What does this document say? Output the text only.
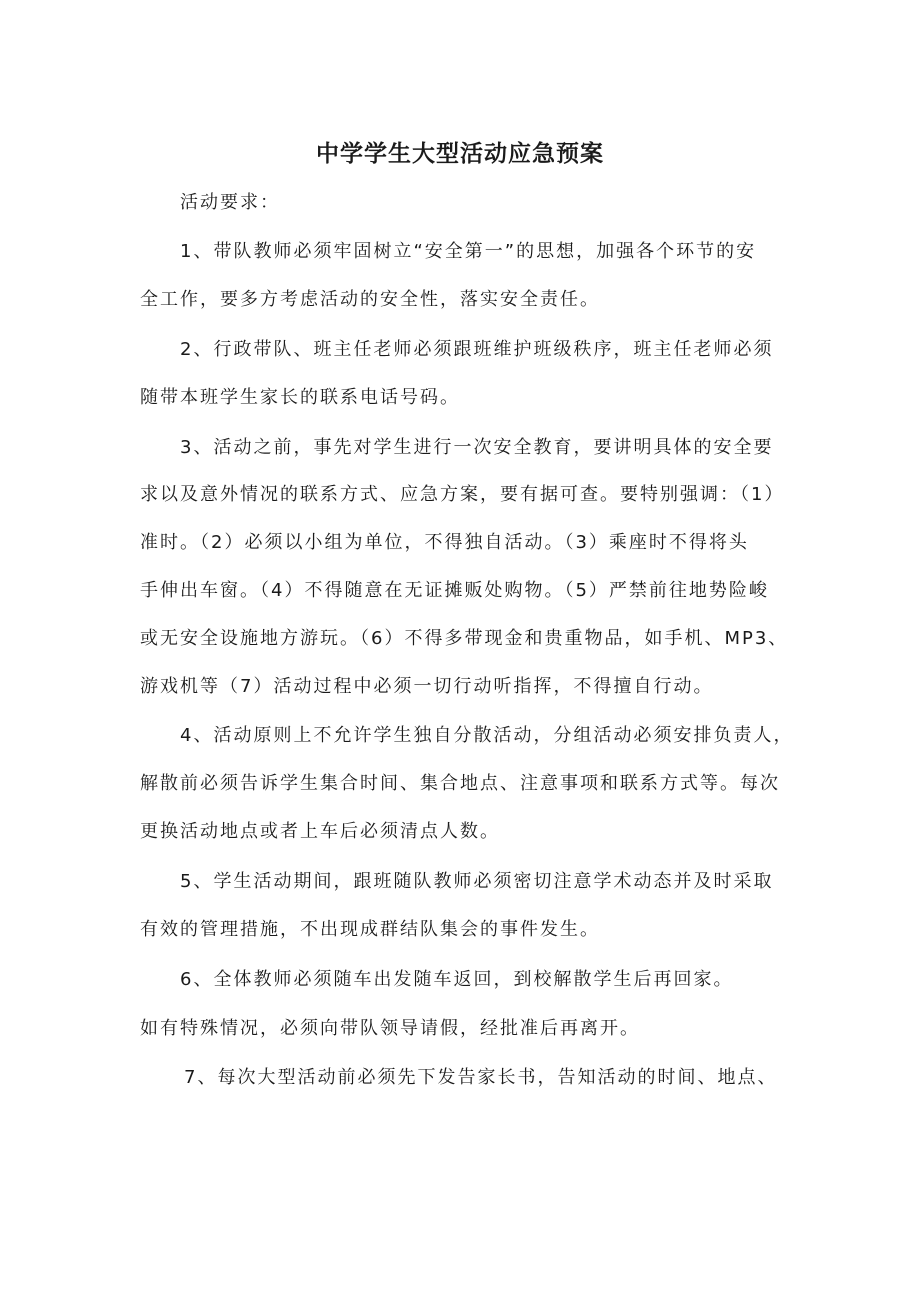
中学学生大型活动应急预案

活动要求：

1、带队教师必须牢固树立“安全第一”的思想，加强各个环节的安

全工作，要多方考虑活动的安全性，落实安全责任。

2、行政带队、班主任老师必须跟班维护班级秩序，班主任老师必须

随带本班学生家长的联系电话号码。

3、活动之前，事先对学生进行一次安全教育，要讲明具体的安全要

求以及意外情况的联系方式、应急方案，要有据可查。要特别强调：（1）

准时。（2）必须以小组为单位，不得独自活动。（3）乘座时不得将头

手伸出车窗。（4）不得随意在无证摊贩处购物。（5）严禁前往地势险峻

或无安全设施地方游玩。（6）不得多带现金和贵重物品，如手机、MP3、

游戏机等（7）活动过程中必须一切行动听指挥，不得擅自行动。

4、活动原则上不允许学生独自分散活动，分组活动必须安排负责人，

解散前必须告诉学生集合时间、集合地点、注意事项和联系方式等。每次

更换活动地点或者上车后必须清点人数。

5、学生活动期间，跟班随队教师必须密切注意学术动态并及时采取

有效的管理措施，不出现成群结队集会的事件发生。

6、全体教师必须随车出发随车返回，到校解散学生后再回家。

如有特殊情况，必须向带队领导请假，经批准后再离开。

7、每次大型活动前必须先下发告家长书，告知活动的时间、地点、
